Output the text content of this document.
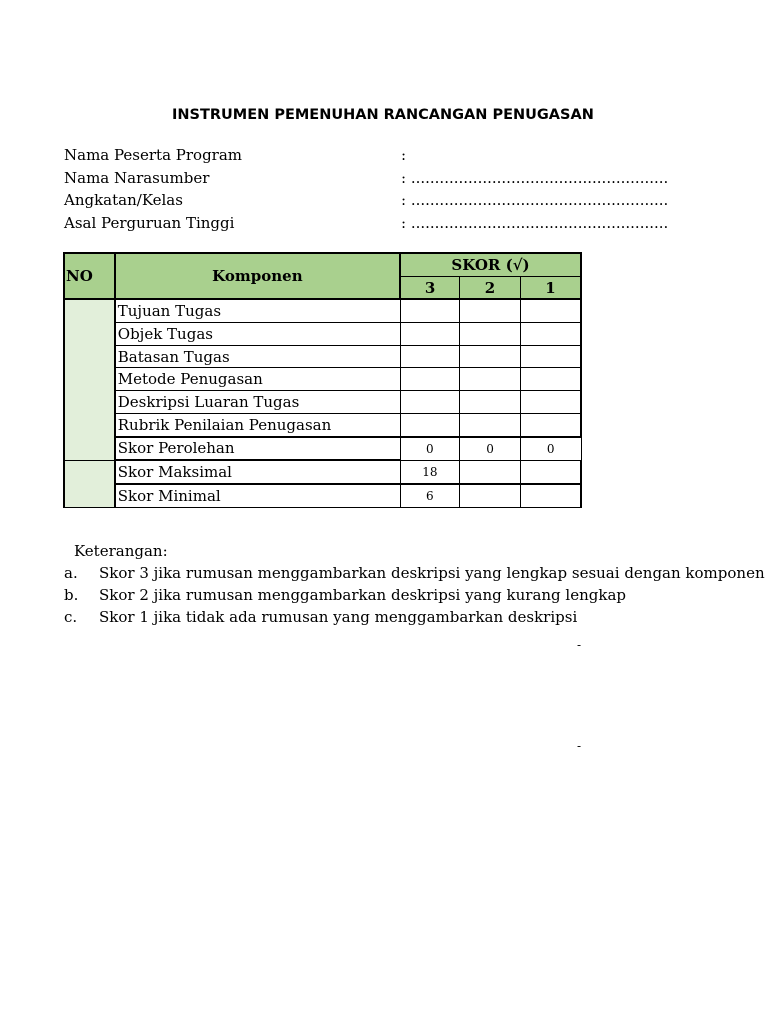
INSTRUMEN PEMENUHAN RANCANGAN PENUGASAN
Nama Peserta Program	:
Nama Narasumber	: ......................................................
Angkatan/Kelas	: ......................................................
Asal Perguruan Tinggi	: ......................................................
NO	Komponen	SKOR (√)		
		3	2	1
	Tujuan Tugas			
	Objek Tugas			
	Batasan Tugas			
	Metode Penugasan			
	Deskripsi Luaran Tugas			
	Rubrik Penilaian Penugasan			
	Skor Perolehan	0	0	0
	Skor Maksimal	18		
	Skor Minimal	6		
Keterangan:
a. Skor 3 jika rumusan menggambarkan deskripsi yang lengkap sesuai dengan komponen
b. Skor 2 jika rumusan menggambarkan deskripsi yang kurang lengkap
c. Skor 1 jika tidak ada rumusan yang menggambarkan deskripsi
-
-
